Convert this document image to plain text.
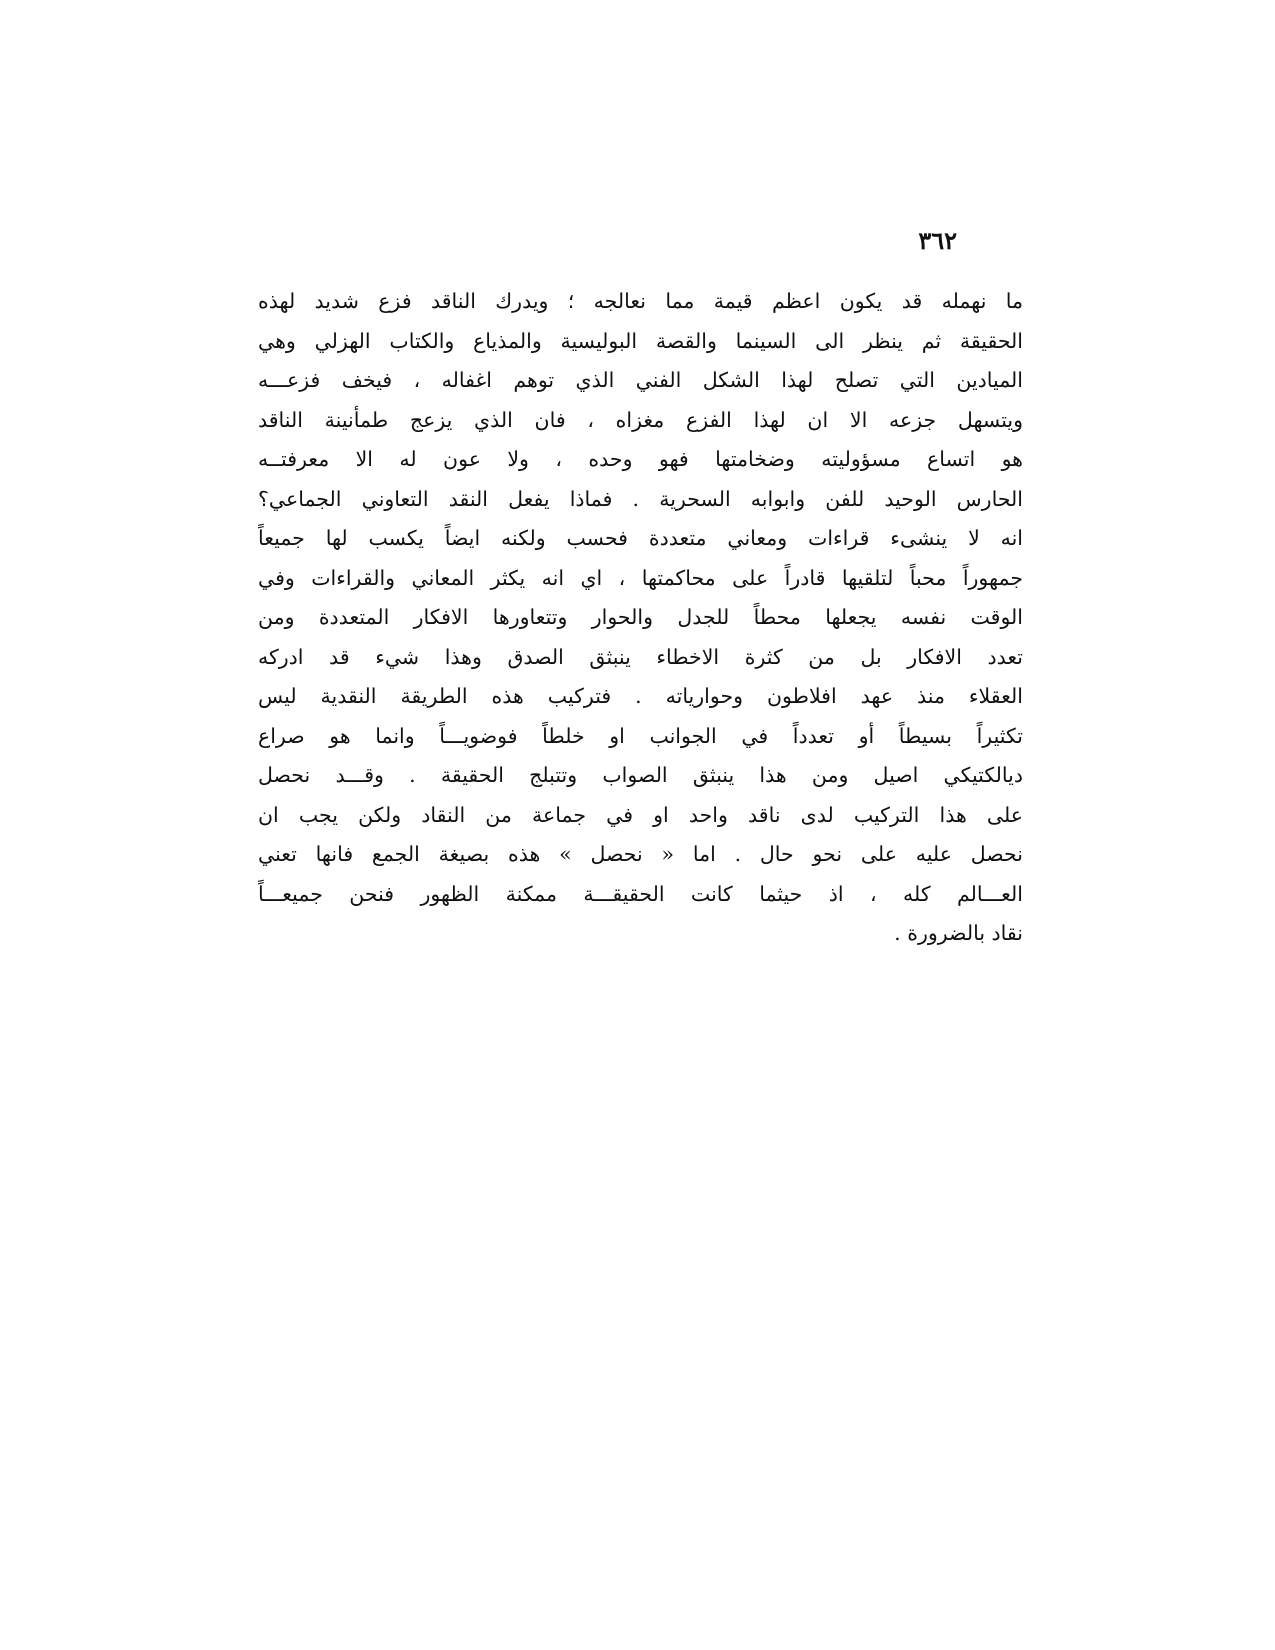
٣٦٢
ما نهمله قد يكون اعظم قيمة مما نعالجه ؛ ويدرك الناقد فزع شديد لهذه
الحقيقة ثم ينظر الى السينما والقصة البوليسية والمذياع والكتاب الهزلي وهي
الميادين التي تصلح لهذا الشكل الفني الذي توهم اغفاله ، فيخف فزعـــه
ويتسهل جزعه الا ان لهذا الفزع مغزاه ، فان الذي يزعج طمأنينة الناقد
هو اتساع مسؤوليته وضخامتها فهو وحده ، ولا عون له الا معرفتــه
الحارس الوحيد للفن وابوابه السحرية . فماذا يفعل النقد التعاوني الجماعي؟
انه لا ينشىء قراءات ومعاني متعددة فحسب ولكنه ايضاً يكسب لها جميعاً
جمهوراً محباً لتلقيها قادراً على محاكمتها ، اي انه يكثر المعاني والقراءات وفي
الوقت نفسه يجعلها محطاً للجدل والحوار وتتعاورها الافكار المتعددة ومن
تعدد الافكار بل من كثرة الاخطاء ينبثق الصدق وهذا شيء قد ادركه
العقلاء منذ عهد افلاطون وحوارياته . فتركيب هذه الطريقة النقدية ليس
تكثيراً بسيطاً أو تعدداً في الجوانب او خلطاً فوضويـــاً وانما هو صراع
ديالكتيكي اصيل ومن هذا ينبثق الصواب وتتبلج الحقيقة . وقـــد نحصل
على هذا التركيب لدى ناقد واحد او في جماعة من النقاد ولكن يجب ان
نحصل عليه على نحو حال . اما « نحصل » هذه بصيغة الجمع فانها تعني
العـــالم كله ، اذ حيثما كانت الحقيقـــة ممكنة الظهور فنحن جميعـــاً
نقاد بالضرورة .
